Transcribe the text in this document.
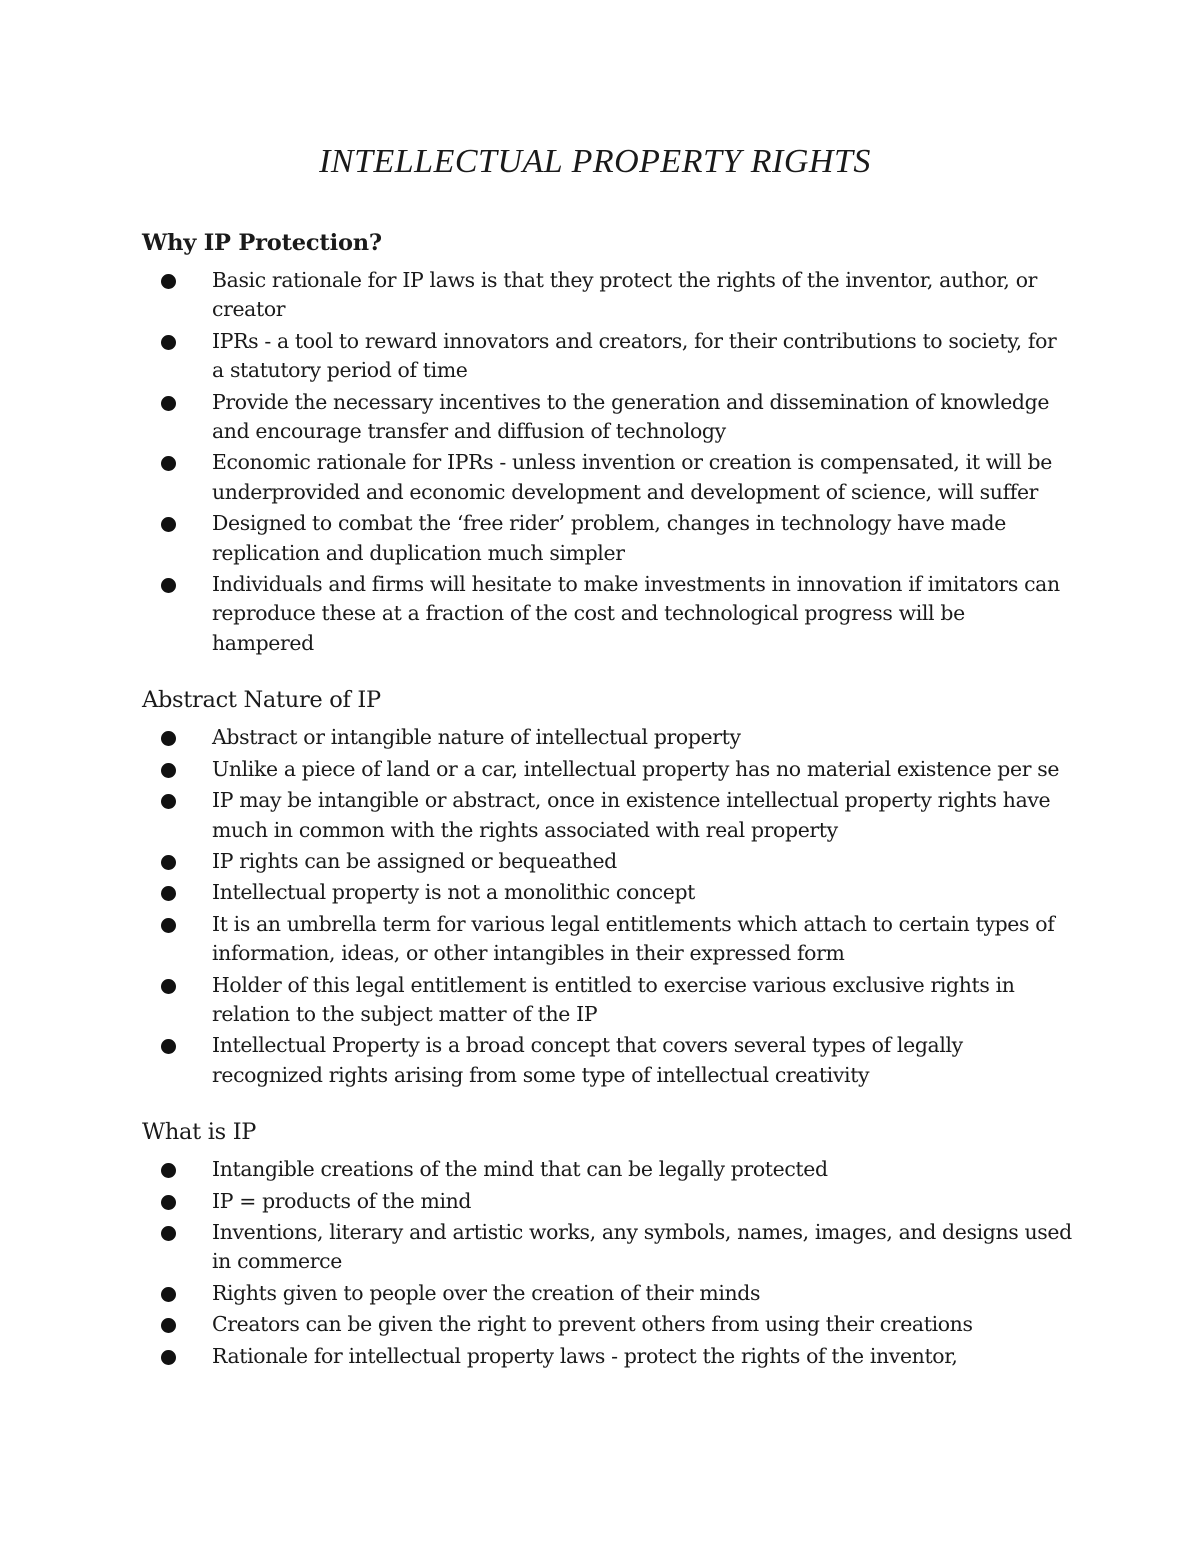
INTELLECTUAL PROPERTY RIGHTS
Why IP Protection?
Basic rationale for IP laws is that they protect the rights of the inventor, author, or creator
IPRs - a tool to reward innovators and creators, for their contributions to society, for a statutory period of time
Provide the necessary incentives to the generation and dissemination of knowledge and encourage transfer and diffusion of technology
Economic rationale for IPRs - unless invention or creation is compensated, it will be underprovided and economic development and development of science, will suffer
Designed to combat the ‘free rider’ problem, changes in technology have made replication and duplication much simpler
Individuals and firms will hesitate to make investments in innovation if imitators can reproduce these at a fraction of the cost and technological progress will be hampered
Abstract Nature of IP
Abstract or intangible nature of intellectual property
Unlike a piece of land or a car, intellectual property has no material existence per se
IP may be intangible or abstract, once in existence intellectual property rights have much in common with the rights associated with real property
IP rights can be assigned or bequeathed
Intellectual property is not a monolithic concept
It is an umbrella term for various legal entitlements which attach to certain types of information, ideas, or other intangibles in their expressed form
Holder of this legal entitlement is entitled to exercise various exclusive rights in relation to the subject matter of the IP
Intellectual Property is a broad concept that covers several types of legally recognized rights arising from some type of intellectual creativity
What is IP
Intangible creations of the mind that can be legally protected
IP = products of the mind
Inventions, literary and artistic works, any symbols, names, images, and designs used in commerce
Rights given to people over the creation of their minds
Creators can be given the right to prevent others from using their creations
Rationale for intellectual property laws - protect the rights of the inventor,
